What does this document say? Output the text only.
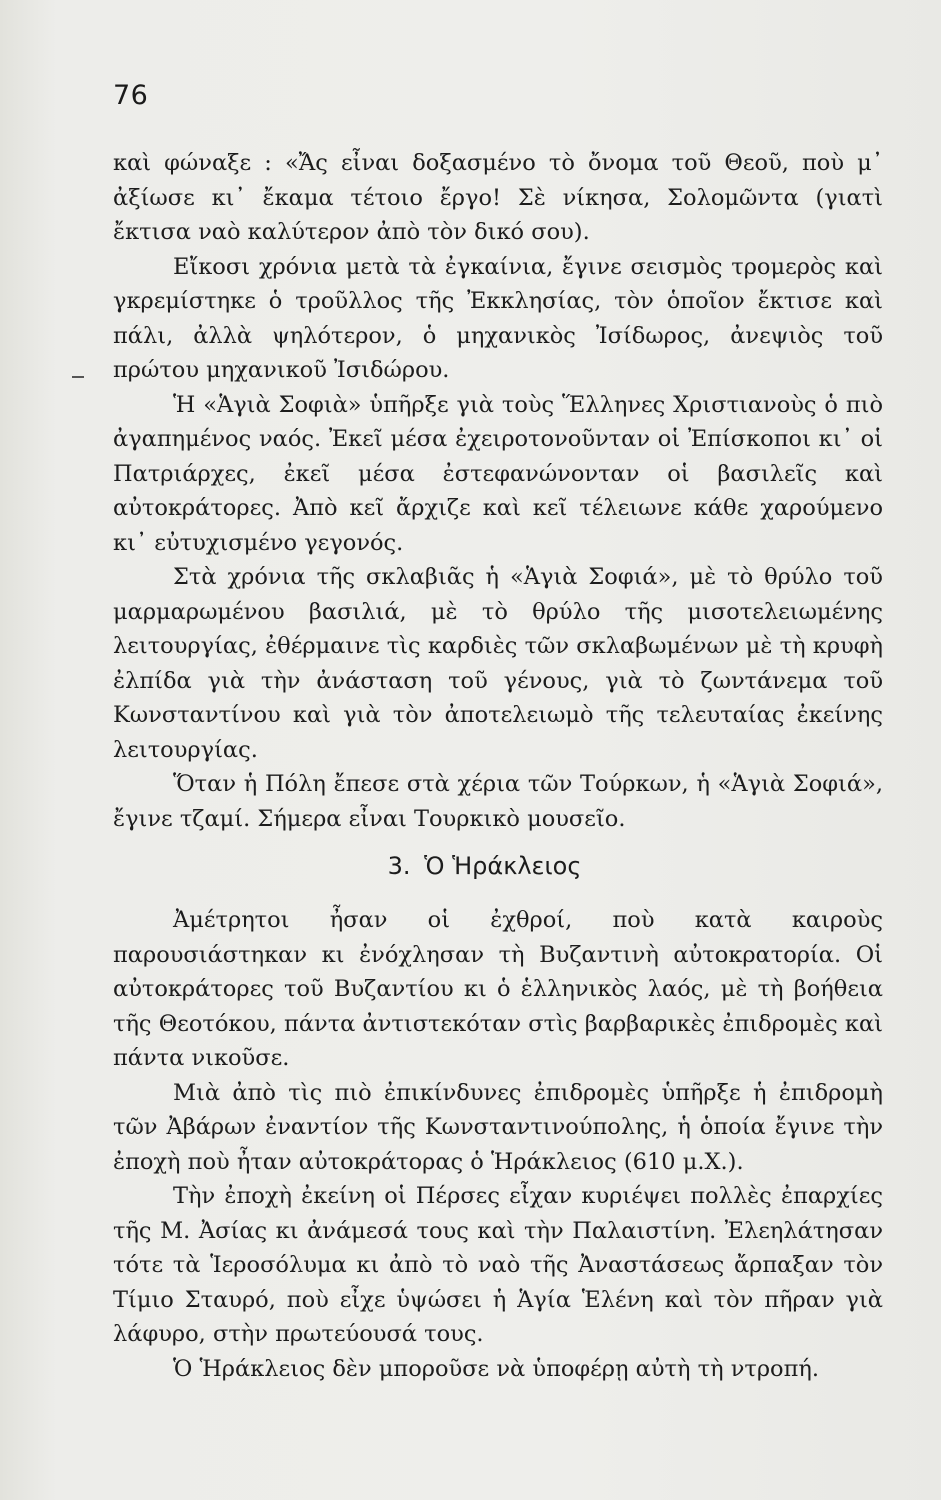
76

καὶ φώναξε : «Ἄς εἶναι δοξασμένο τὸ ὄνομα τοῦ Θεοῦ, ποὺ μ᾽ ἀξίωσε κι᾽ ἔκαμα τέτοιο ἔργο! Σὲ νίκησα, Σολομῶντα (γιατὶ ἔκτισα ναὸ καλύτερον ἀπὸ τὸν δικό σου).

Εἴκοσι χρόνια μετὰ τὰ ἐγκαίνια, ἔγινε σεισμὸς τρομερὸς καὶ γκρεμίστηκε ὁ τροῦλλος τῆς Ἐκκλησίας, τὸν ὁποῖον ἔκτισε καὶ πάλι, ἀλλὰ ψηλότερον, ὁ μηχανικὸς Ἰσίδωρος, ἀνεψιὸς τοῦ πρώτου μηχανικοῦ Ἰσιδώρου.

Ἡ «Ἁγιὰ Σοφιὰ» ὑπῆρξε γιὰ τοὺς Ἕλληνες Χριστιανοὺς ὁ πιὸ ἀγαπημένος ναός. Ἐκεῖ μέσα ἐχειροτονοῦνταν οἱ Ἐπίσκοποι κι᾽ οἱ Πατριάρχες, ἐκεῖ μέσα ἐστεφανώνονταν οἱ βασιλεῖς καὶ αὐτοκράτορες. Ἀπὸ κεῖ ἄρχιζε καὶ κεῖ τέλειωνε κάθε χαρούμενο κι᾽ εὐτυχισμένο γεγονός.

Στὰ χρόνια τῆς σκλαβιᾶς ἡ «Ἁγιὰ Σοφιά», μὲ τὸ θρύλο τοῦ μαρμαρωμένου βασιλιά, μὲ τὸ θρύλο τῆς μισοτελειωμένης λειτουργίας, ἐθέρμαινε τὶς καρδιὲς τῶν σκλαβωμένων μὲ τὴ κρυφὴ ἐλπίδα γιὰ τὴν ἀνάσταση τοῦ γένους, γιὰ τὸ ζωντάνεμα τοῦ Κωνσταντίνου καὶ γιὰ τὸν ἀποτελειωμὸ τῆς τελευταίας ἐκείνης λειτουργίας.

Ὅταν ἡ Πόλη ἔπεσε στὰ χέρια τῶν Τούρκων, ἡ «Ἁγιὰ Σοφιά», ἔγινε τζαμί. Σήμερα εἶναι Τουρκικὸ μουσεῖο.

3. Ὁ Ἡράκλειος

Ἀμέτρητοι ἦσαν οἱ ἐχθροί, ποὺ κατὰ καιροὺς παρουσιάστηκαν κι ἐνόχλησαν τὴ Βυζαντινὴ αὐτοκρατορία. Οἱ αὐτοκράτορες τοῦ Βυζαντίου κι ὁ ἑλληνικὸς λαός, μὲ τὴ βοήθεια τῆς Θεοτόκου, πάντα ἀντιστεκόταν στὶς βαρβαρικὲς ἐπιδρομὲς καὶ πάντα νικοῦσε.

Μιὰ ἀπὸ τὶς πιὸ ἐπικίνδυνες ἐπιδρομὲς ὑπῆρξε ἡ ἐπιδρομὴ τῶν Ἀβάρων ἐναντίον τῆς Κωνσταντινούπολης, ἡ ὁποία ἔγινε τὴν ἐποχὴ ποὺ ἦταν αὐτοκράτορας ὁ Ἡράκλειος (610 μ.Χ.).

Τὴν ἐποχὴ ἐκείνη οἱ Πέρσες εἶχαν κυριέψει πολλὲς ἐπαρχίες τῆς Μ. Ἀσίας κι ἀνάμεσά τους καὶ τὴν Παλαιστίνη. Ἐλεηλάτησαν τότε τὰ Ἱεροσόλυμα κι ἀπὸ τὸ ναὸ τῆς Ἀναστάσεως ἄρπαξαν τὸν Τίμιο Σταυρό, ποὺ εἶχε ὑψώσει ἡ Ἁγία Ἑλένη καὶ τὸν πῆραν γιὰ λάφυρο, στὴν πρωτεύουσά τους.

Ὁ Ἡράκλειος δὲν μποροῦσε νὰ ὑποφέρῃ αὐτὴ τὴ ντροπή.
